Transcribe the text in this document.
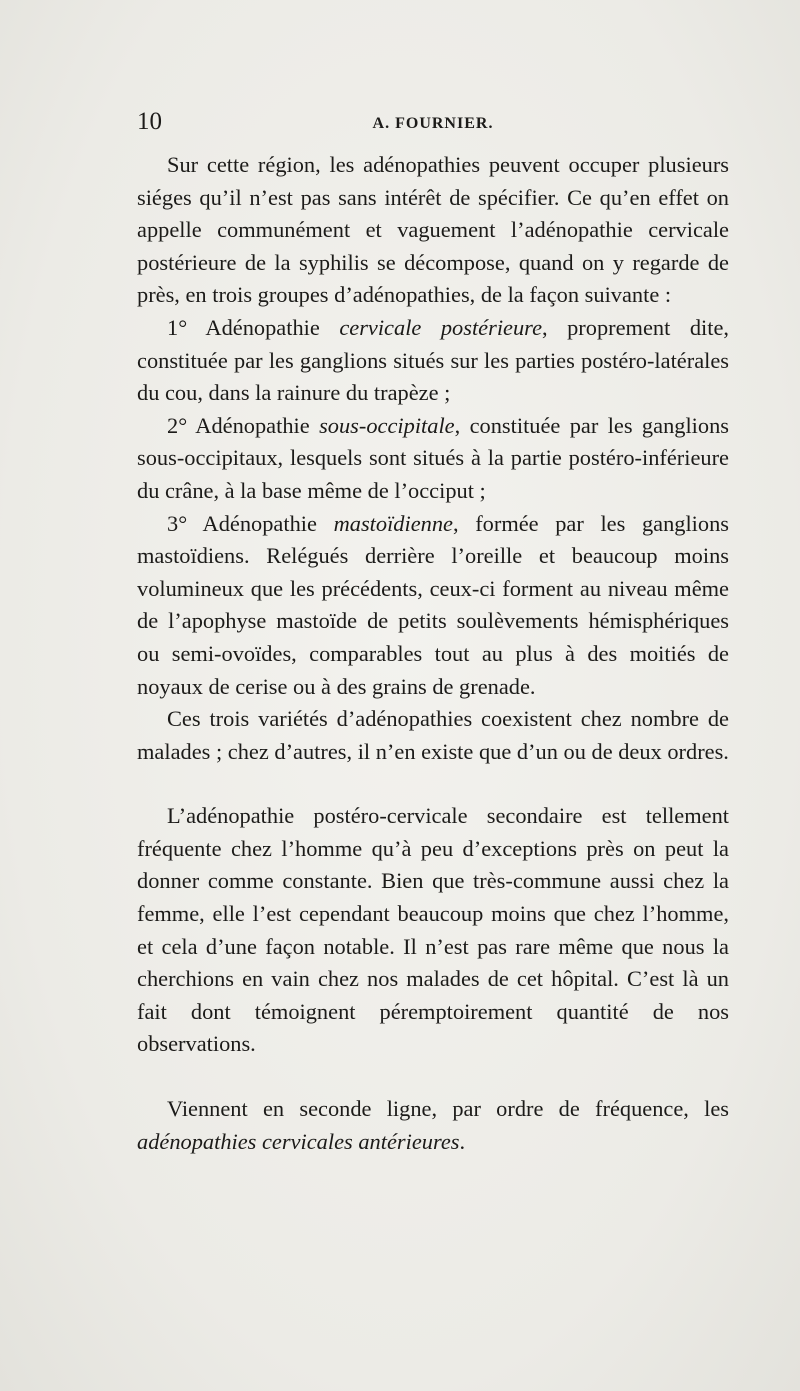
10	A. FOURNIER.

Sur cette région, les adénopathies peuvent occuper plusieurs siéges qu’il n’est pas sans intérêt de spécifier. Ce qu’en effet on appelle communément et vaguement l’adénopathie cervicale postérieure de la syphilis se décompose, quand on y regarde de près, en trois groupes d’adénopathies, de la façon suivante :

1° Adénopathie cervicale postérieure, proprement dite, constituée par les ganglions situés sur les parties postéro-latérales du cou, dans la rainure du trapèze ;

2° Adénopathie sous-occipitale, constituée par les ganglions sous-occipitaux, lesquels sont situés à la partie postéro-inférieure du crâne, à la base même de l’occiput ;

3° Adénopathie mastoïdienne, formée par les ganglions mastoïdiens. Relégués derrière l’oreille et beaucoup moins volumineux que les précédents, ceux-ci forment au niveau même de l’apophyse mastoïde de petits soulèvements hémisphériques ou semi-ovoïdes, comparables tout au plus à des moitiés de noyaux de cerise ou à des grains de grenade.

Ces trois variétés d’adénopathies coexistent chez nombre de malades ; chez d’autres, il n’en existe que d’un ou de deux ordres.

L’adénopathie postéro-cervicale secondaire est tellement fréquente chez l’homme qu’à peu d’exceptions près on peut la donner comme constante. Bien que très-commune aussi chez la femme, elle l’est cependant beaucoup moins que chez l’homme, et cela d’une façon notable. Il n’est pas rare même que nous la cherchions en vain chez nos malades de cet hôpital. C’est là un fait dont témoignent péremptoirement quantité de nos observations.

Viennent en seconde ligne, par ordre de fréquence, les adénopathies cervicales antérieures.
